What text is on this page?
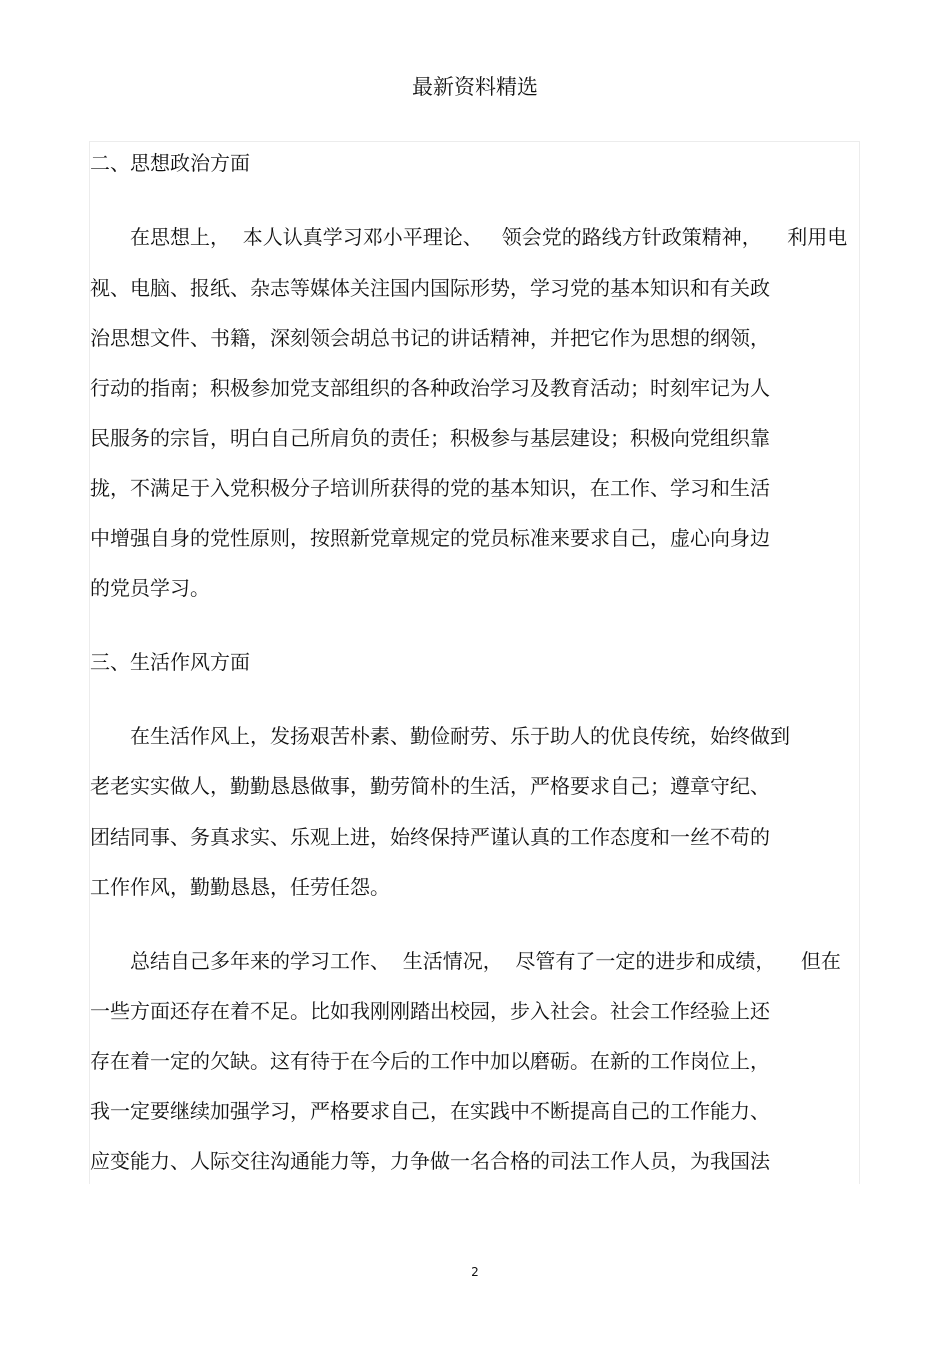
最新资料精选
二、思想政治方面
在思想上，  本人认真学习邓小平理论、   领会党的路线方针政策精神，    利用电
视、电脑、报纸、杂志等媒体关注国内国际形势，学习党的基本知识和有关政
治思想文件、书籍，深刻领会胡总书记的讲话精神，并把它作为思想的纲领，
行动的指南；积极参加党支部组织的各种政治学习及教育活动；时刻牢记为人
民服务的宗旨，明白自己所肩负的责任；积极参与基层建设；积极向党组织靠
拢，不满足于入党积极分子培训所获得的党的基本知识，在工作、学习和生活
中增强自身的党性原则，按照新党章规定的党员标准来要求自己，虚心向身边
的党员学习。
三、生活作风方面
在生活作风上，发扬艰苦朴素、勤俭耐劳、乐于助人的优良传统，始终做到
老老实实做人，勤勤恳恳做事，勤劳简朴的生活，严格要求自己；遵章守纪、
团结同事、务真求实、乐观上进，始终保持严谨认真的工作态度和一丝不苟的
工作作风，勤勤恳恳，任劳任怨。
总结自己多年来的学习工作、  生活情况，  尽管有了一定的进步和成绩，    但在
一些方面还存在着不足。比如我刚刚踏出校园，步入社会。社会工作经验上还
存在着一定的欠缺。这有待于在今后的工作中加以磨砺。在新的工作岗位上，
我一定要继续加强学习，严格要求自己，在实践中不断提高自己的工作能力、
应变能力、人际交往沟通能力等，力争做一名合格的司法工作人员，为我国法
2
